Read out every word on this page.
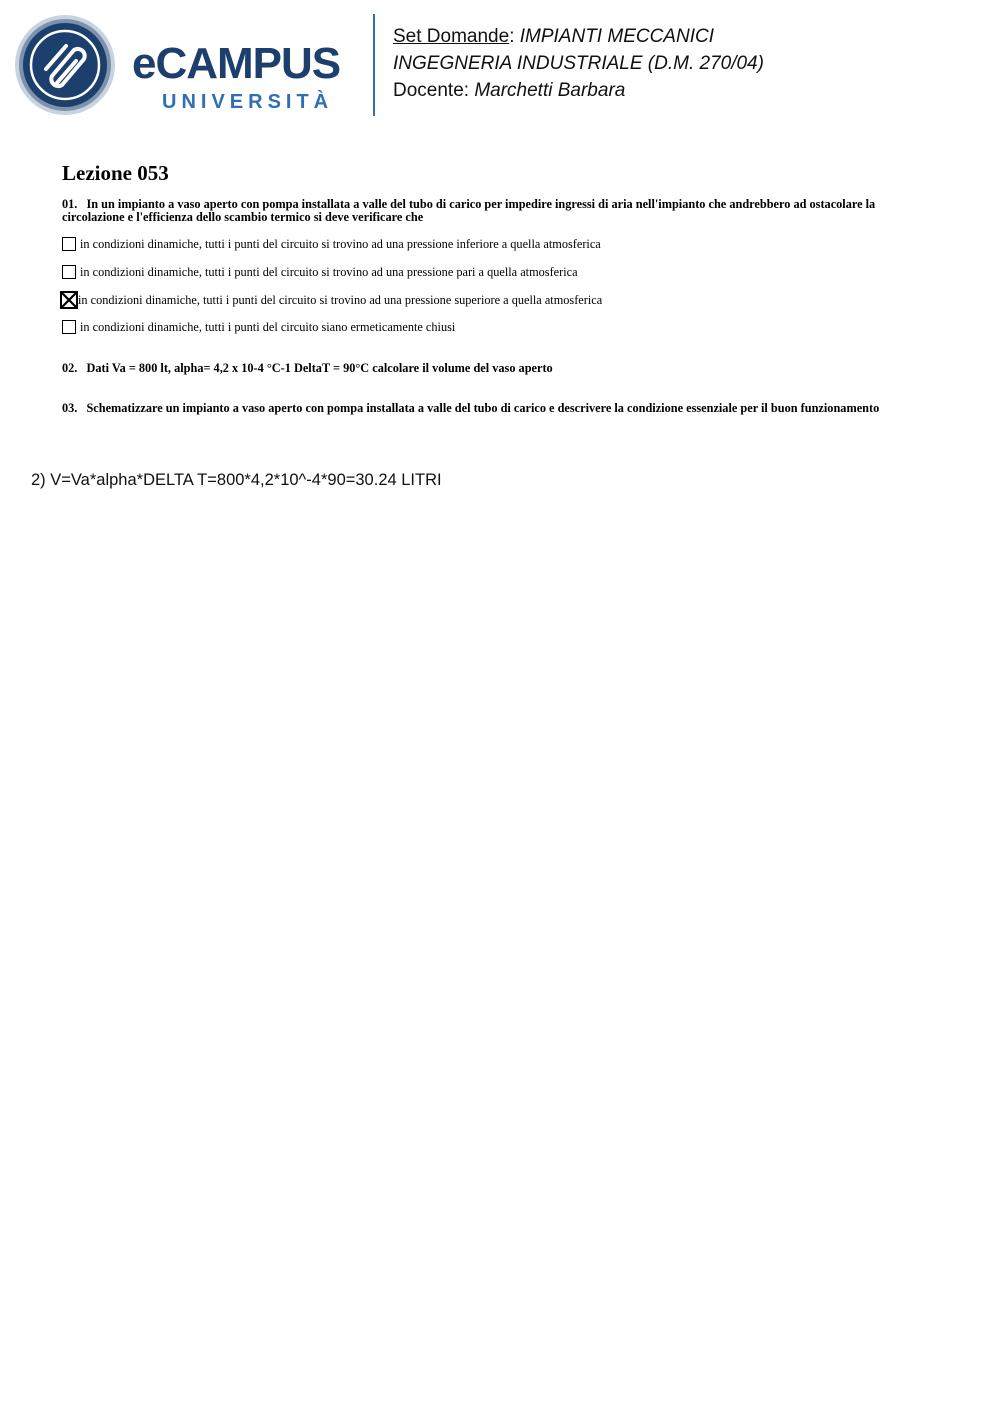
eCAMPUS
UNIVERSITÀ
Set Domande: IMPIANTI MECCANICI
INGEGNERIA INDUSTRIALE (D.M. 270/04)
Docente: Marchetti Barbara
Lezione 053
01. In un impianto a vaso aperto con pompa installata a valle del tubo di carico per impedire ingressi di aria nell'impianto che andrebbero ad ostacolare la circolazione e l'efficienza dello scambio termico si deve verificare che
in condizioni dinamiche, tutti i punti del circuito si trovino ad una pressione inferiore a quella atmosferica
in condizioni dinamiche, tutti i punti del circuito si trovino ad una pressione pari a quella atmosferica
in condizioni dinamiche, tutti i punti del circuito si trovino ad una pressione superiore a quella atmosferica
in condizioni dinamiche, tutti i punti del circuito siano ermeticamente chiusi
02. Dati Va = 800 lt, alpha= 4,2 x 10-4 °C-1 DeltaT = 90°C calcolare il volume del vaso aperto
03. Schematizzare un impianto a vaso aperto con pompa installata a valle del tubo di carico e descrivere la condizione essenziale per il buon funzionamento
2) V=Va*alpha*DELTA T=800*4,2*10^-4*90=30.24 LITRI
